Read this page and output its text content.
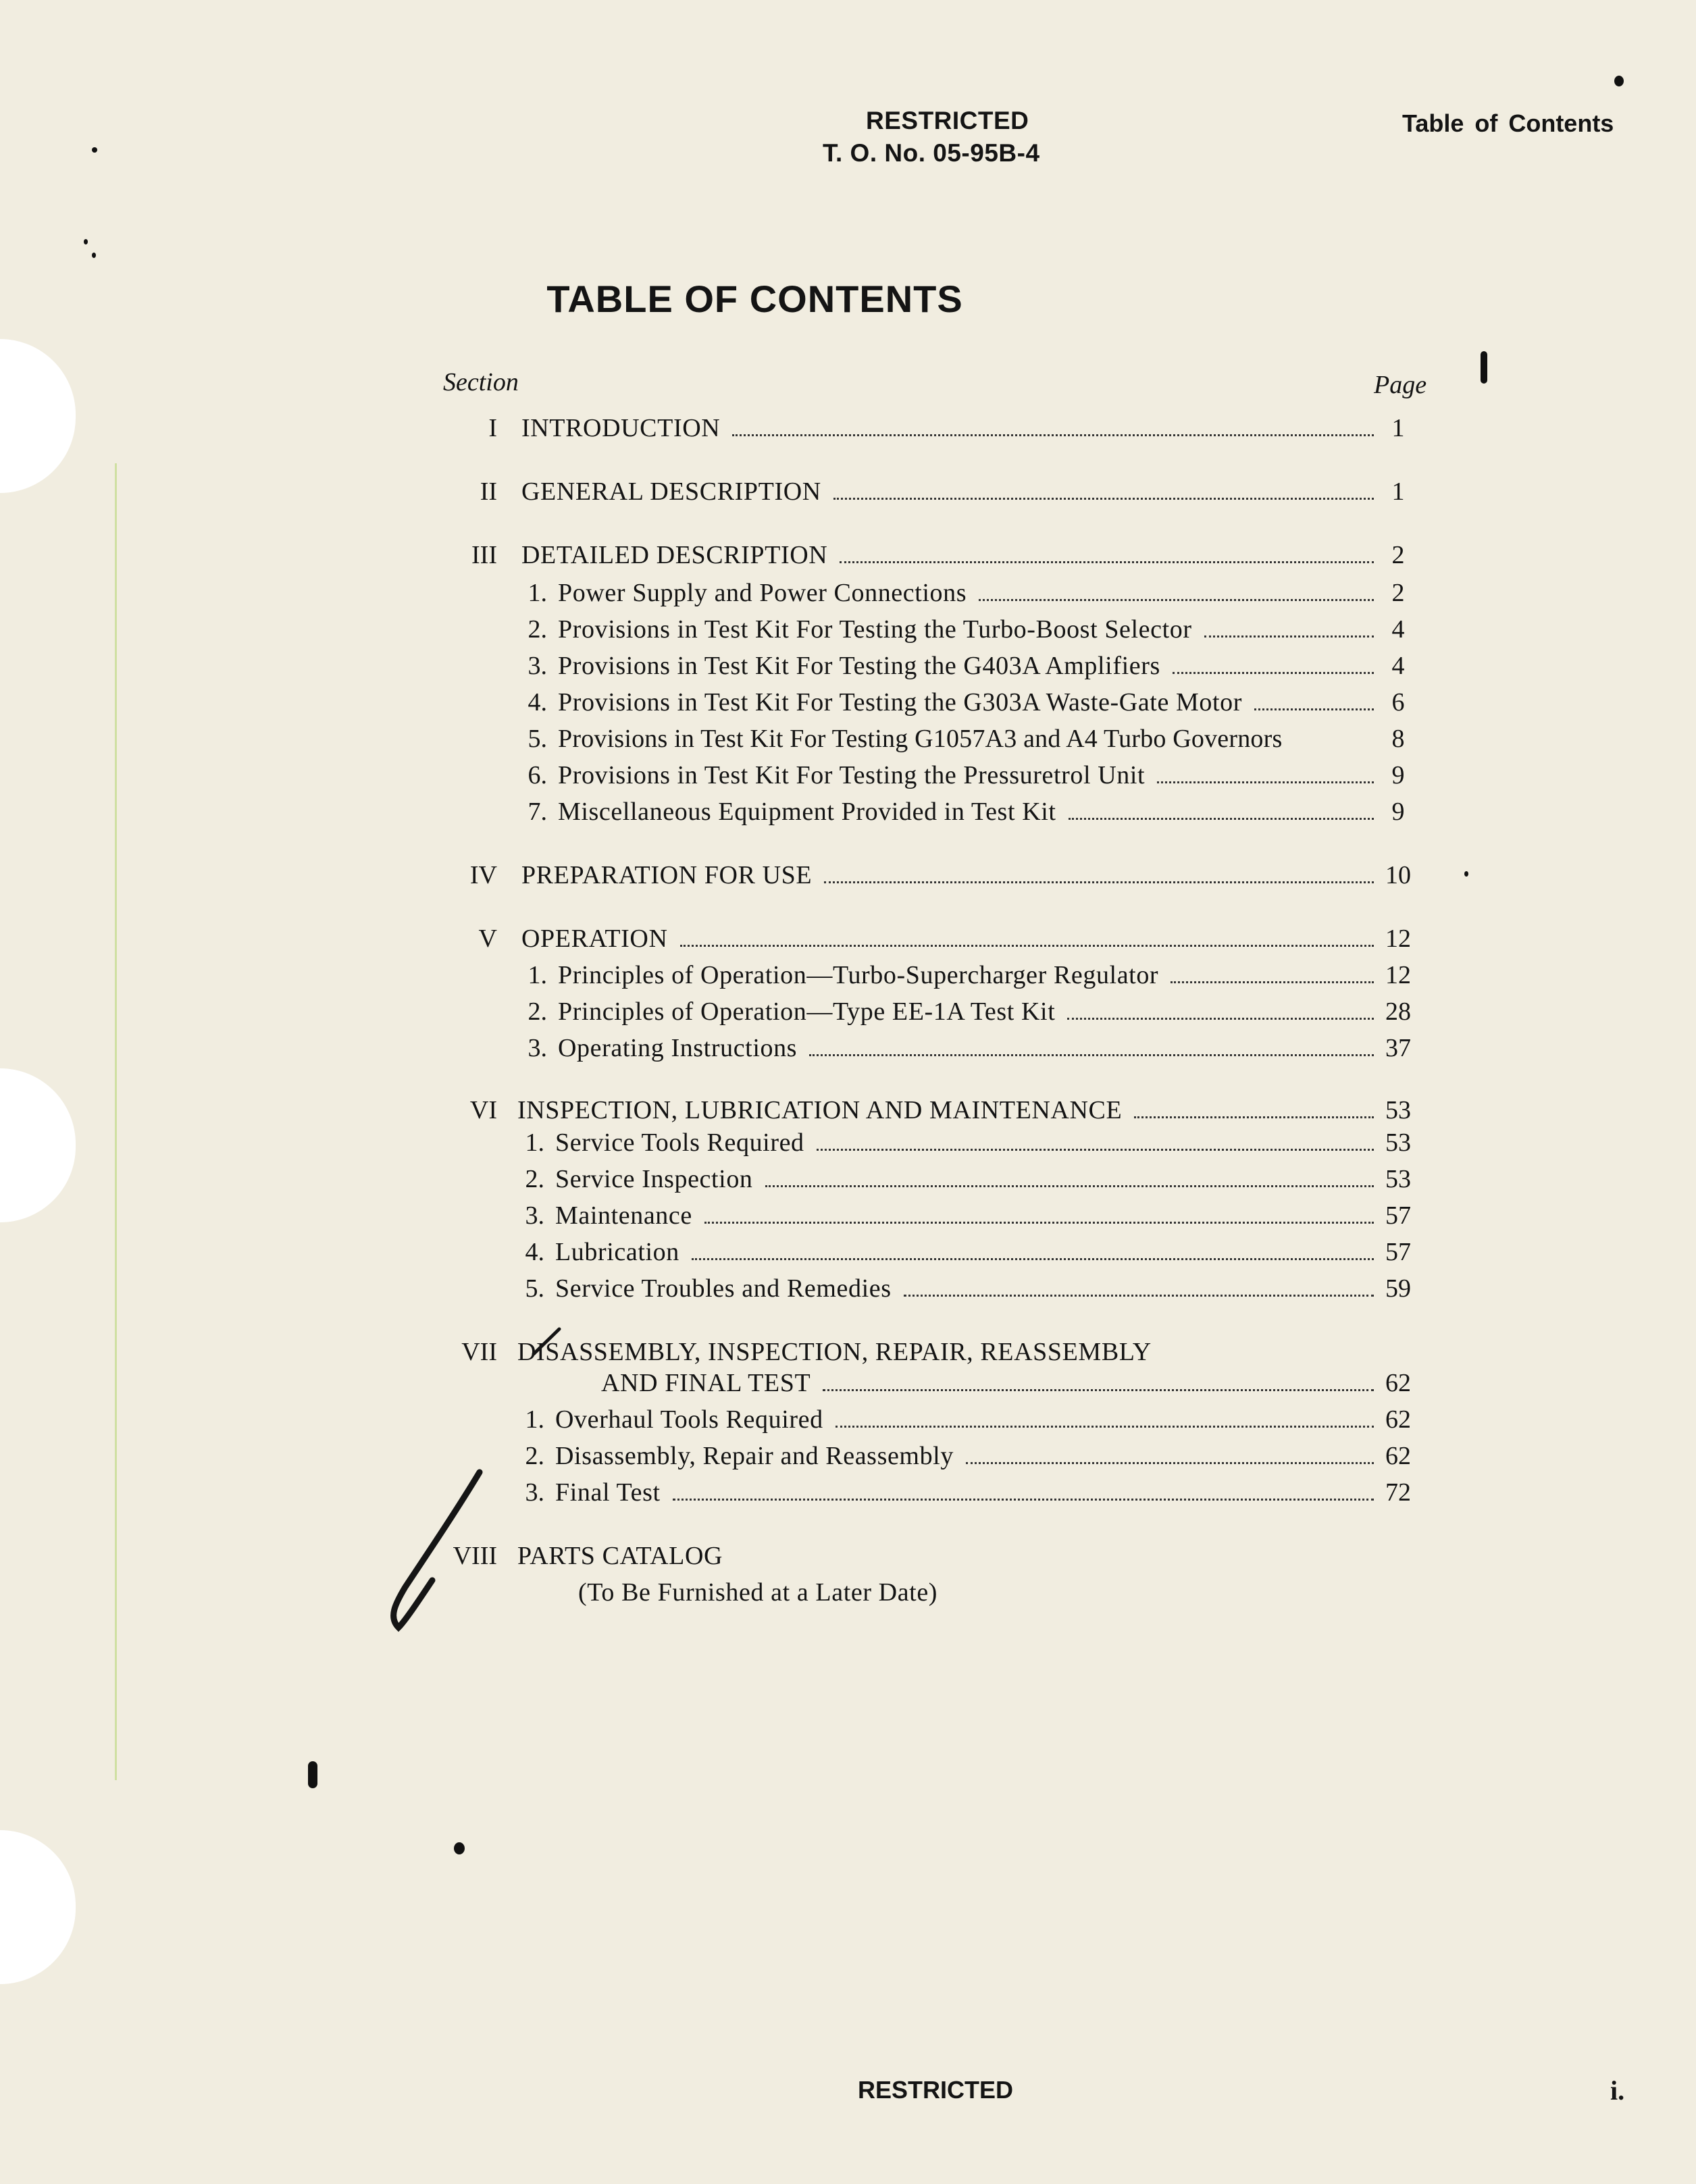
RESTRICTED
T. O. No. 05-95B-4
Table of Contents
TABLE OF CONTENTS
Section	Page
I INTRODUCTION	1
II GENERAL DESCRIPTION	1
III DETAILED DESCRIPTION	2
1. Power Supply and Power Connections	2
2. Provisions in Test Kit For Testing the Turbo-Boost Selector	4
3. Provisions in Test Kit For Testing the G403A Amplifiers	4
4. Provisions in Test Kit For Testing the G303A Waste-Gate Motor	6
5. Provisions in Test Kit For Testing G1057A3 and A4 Turbo Governors	8
6. Provisions in Test Kit For Testing the Pressuretrol Unit	9
7. Miscellaneous Equipment Provided in Test Kit	9
IV PREPARATION FOR USE	10
V OPERATION	12
1. Principles of Operation—Turbo-Supercharger Regulator	12
2. Principles of Operation—Type EE-1A Test Kit	28
3. Operating Instructions	37
VI INSPECTION, LUBRICATION AND MAINTENANCE	53
1. Service Tools Required	53
2. Service Inspection	53
3. Maintenance	57
4. Lubrication	57
5. Service Troubles and Remedies	59
VII DISASSEMBLY, INSPECTION, REPAIR, REASSEMBLY
AND FINAL TEST	62
1. Overhaul Tools Required	62
2. Disassembly, Repair and Reassembly	62
3. Final Test	72
VIII PARTS CATALOG
(To Be Furnished at a Later Date)
RESTRICTED	i.
